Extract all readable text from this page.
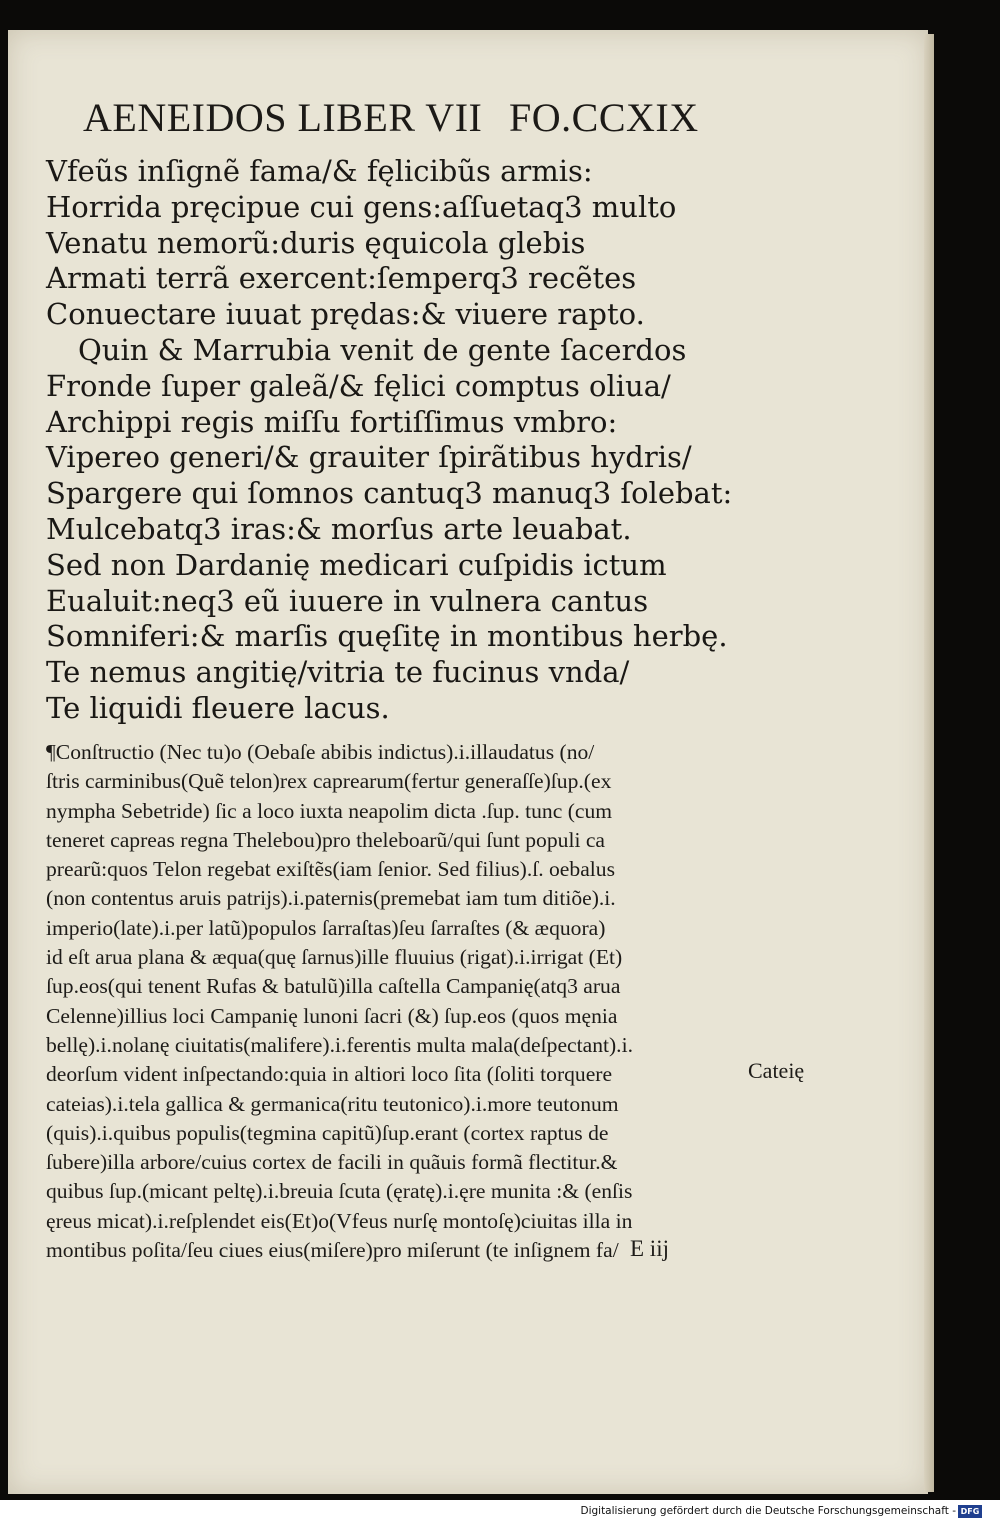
AENEIDOS LIBER VII FO.CCXIX
Vfeũs inſignẽ fama/& fęlicibũs armis:
Horrida pręcipue cui gens:aſſuetaq3 multo
Venatu nemorũ:duris ęquicola glebis
Armati terrã exercent:ſemperq3 recẽtes
Conuectare iuuat prędas:& viuere rapto.
Quin & Marrubia venit de gente ſacerdos
Fronde ſuper galeã/& fęlici comptus oliua/
Archippi regis miſſu fortiſſimus vmbro:
Vipereo generi/& grauiter ſpirãtibus hydris/
Spargere qui ſomnos cantuq3 manuq3 ſolebat:
Mulcebatq3 iras:& morſus arte leuabat.
Sed non Dardanię medicari cuſpidis ictum
Eualuit:neq3 eũ iuuere in vulnera cantus
Somniferi:& marſis quęſitę in montibus herbę.
Te nemus angitię/vitria te fucinus vnda/
Te liquidi fleuere lacus.
¶Conſtructio (Nec tu)o (Oebaſe abibis indictus).i.illaudatus (no/
ſtris carminibus(Quẽ telon)rex caprearum(fertur generaſſe)ſup.(ex
nympha Sebetride) ſic a loco iuxta neapolim dicta .ſup. tunc (cum
teneret capreas regna Thelebou)pro theleboarũ/qui ſunt populi ca
prearũ:quos Telon regebat exiſtẽs(iam ſenior. Sed filius).ſ. oebalus
(non contentus aruis patrijs).i.paternis(premebat iam tum ditiõe).i.
imperio(late).i.per latũ)populos ſarraſtas)ſeu ſarraſtes (& æquora)
id eſt arua plana & æqua(quę ſarnus)ille fluuius (rigat).i.irrigat (Et)
ſup.eos(qui tenent Rufas & batulũ)illa caſtella Campanię(atq3 arua
Celenne)illius loci Campanię lunoni ſacri (&) ſup.eos (quos męnia
bellę).i.nolanę ciuitatis(malifere).i.ferentis multa mala(deſpectant).i.
deorſum vident inſpectando:quia in altiori loco ſita (ſoliti torquere
cateias).i.tela gallica & germanica(ritu teutonico).i.more teutonum
(quis).i.quibus populis(tegmina capitũ)ſup.erant (cortex raptus de
ſubere)illa arbore/cuius cortex de facili in quãuis formã flectitur.&
quibus ſup.(micant peltę).i.breuia ſcuta (ęratę).i.ęre munita :& (enſis
ęreus micat).i.reſplendet eis(Et)o(Vfeus nurſę montoſę)ciuitas illa in
montibus poſita/ſeu ciues eius(miſere)pro miſerunt (te inſignem fa/
Cateię
E iij
Digitalisierung gefördert durch die Deutsche Forschungsgemeinschaft - DFG
